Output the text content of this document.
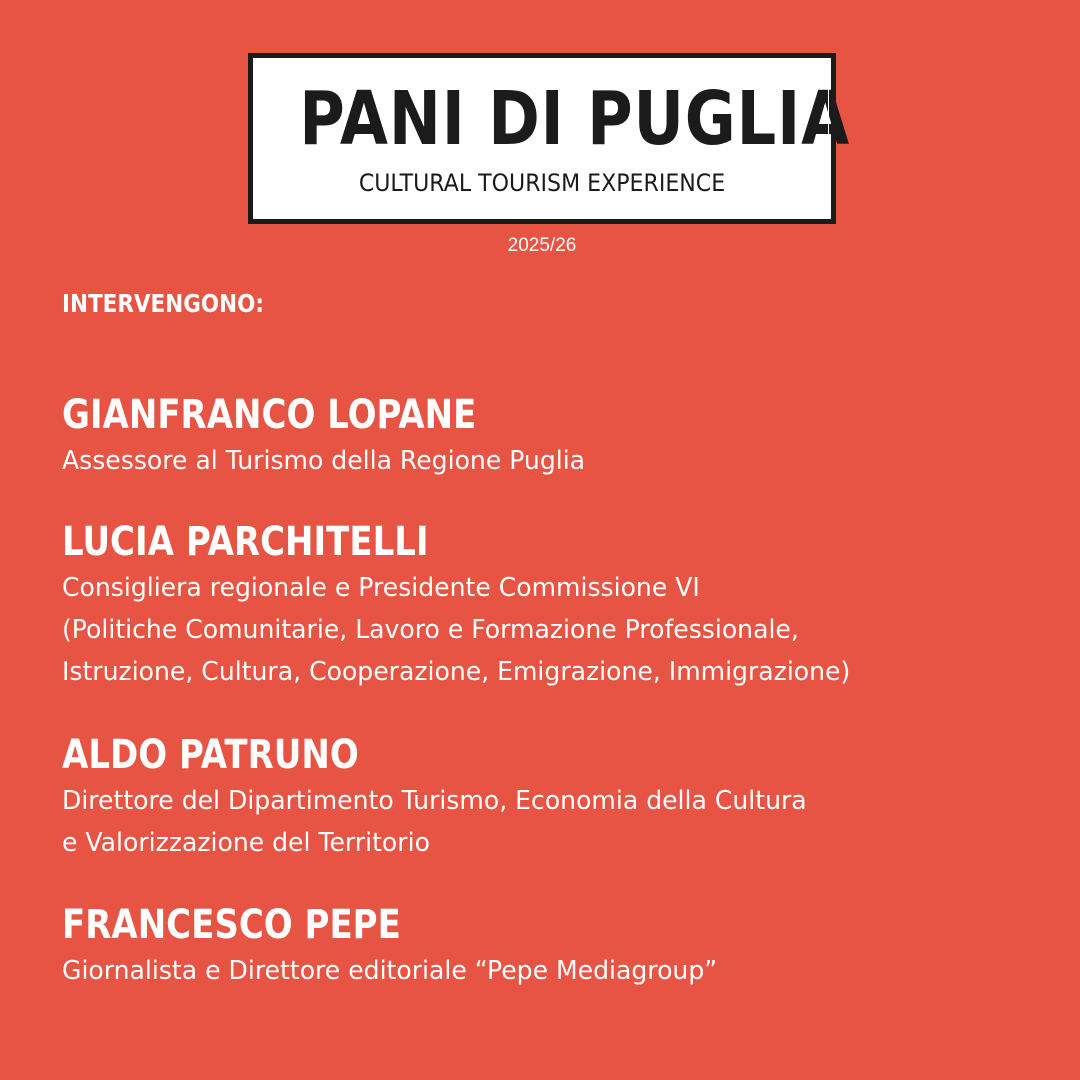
PANI DI PUGLIA
CULTURAL TOURISM EXPERIENCE
2025/26
INTERVENGONO:
GIANFRANCO LOPANE
Assessore al Turismo della Regione Puglia
LUCIA PARCHITELLI
Consigliera regionale e Presidente Commissione VI
(Politiche Comunitarie, Lavoro e Formazione Professionale,
Istruzione, Cultura, Cooperazione, Emigrazione, Immigrazione)
ALDO PATRUNO
Direttore del Dipartimento Turismo, Economia della Cultura
e Valorizzazione del Territorio
FRANCESCO PEPE
Giornalista e Direttore editoriale “Pepe Mediagroup”
